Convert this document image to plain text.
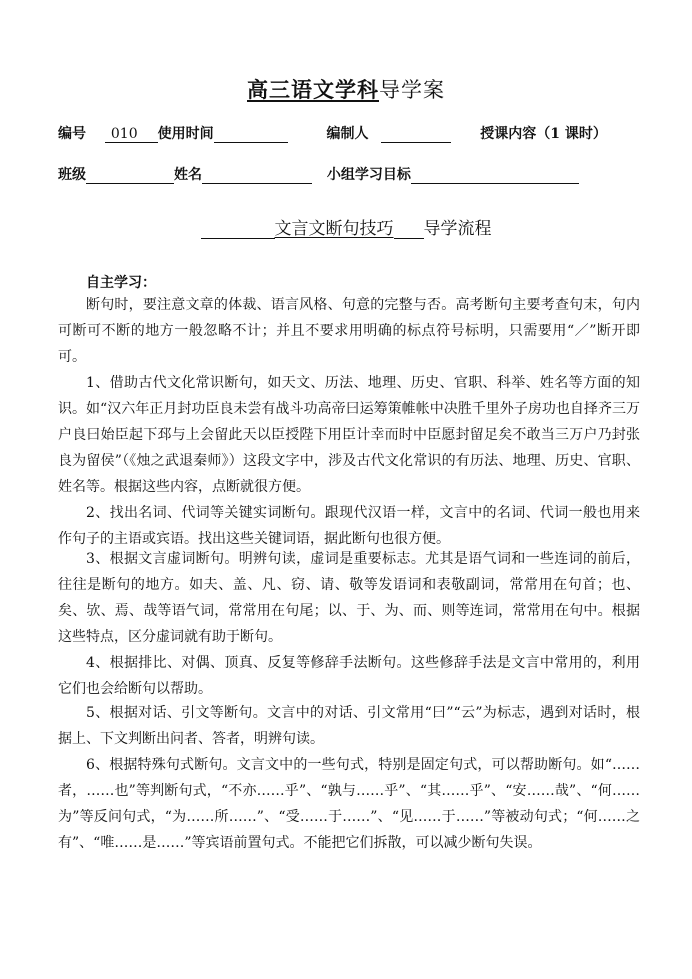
高三语文学科导学案
编号 010 使用时间	编制人	授课内容（1 课时）
班级	姓名	小组学习目标
文言文断句技巧 导学流程
自主学习：
断句时，要注意文章的体裁、语言风格、句意的完整与否。高考断句主要考查句末，句内可断可不断的地方一般忽略不计；并且不要求用明确的标点符号标明，只需要用“／”断开即可。
1、借助古代文化常识断句，如天文、历法、地理、历史、官职、科举、姓名等方面的知识。如“汉六年正月封功臣良未尝有战斗功高帝曰运筹策帷帐中决胜千里外子房功也自择齐三万户良曰始臣起下邳与上会留此天以臣授陛下用臣计幸而时中臣愿封留足矣不敢当三万户乃封张良为留侯”（《烛之武退秦师》）这段文字中，涉及古代文化常识的有历法、地理、历史、官职、姓名等。根据这些内容，点断就很方便。
2、找出名词、代词等关键实词断句。跟现代汉语一样，文言中的名词、代词一般也用来作句子的主语或宾语。找出这些关键词语，据此断句也很方便。
3、根据文言虚词断句。明辨句读，虚词是重要标志。尤其是语气词和一些连词的前后，往往是断句的地方。如夫、盖、凡、窃、请、敬等发语词和表敬副词，常常用在句首；也、矣、欤、焉、哉等语气词，常常用在句尾；以、于、为、而、则等连词，常常用在句中。根据这些特点，区分虚词就有助于断句。
4、根据排比、对偶、顶真、反复等修辞手法断句。这些修辞手法是文言中常用的，利用它们也会给断句以帮助。
5、根据对话、引文等断句。文言中的对话、引文常用“曰”“云”为标志，遇到对话时，根据上、下文判断出问者、答者，明辨句读。
6、根据特殊句式断句。文言文中的一些句式，特别是固定句式，可以帮助断句。如“……者，……也”等判断句式，“不亦……乎”、“孰与……乎”、“其……乎”、“安……哉”、“何……为”等反问句式，“为……所……”、“受……于……”、“见……于……”等被动句式；“何……之有”、“唯……是……”等宾语前置句式。不能把它们拆散，可以减少断句失误。
